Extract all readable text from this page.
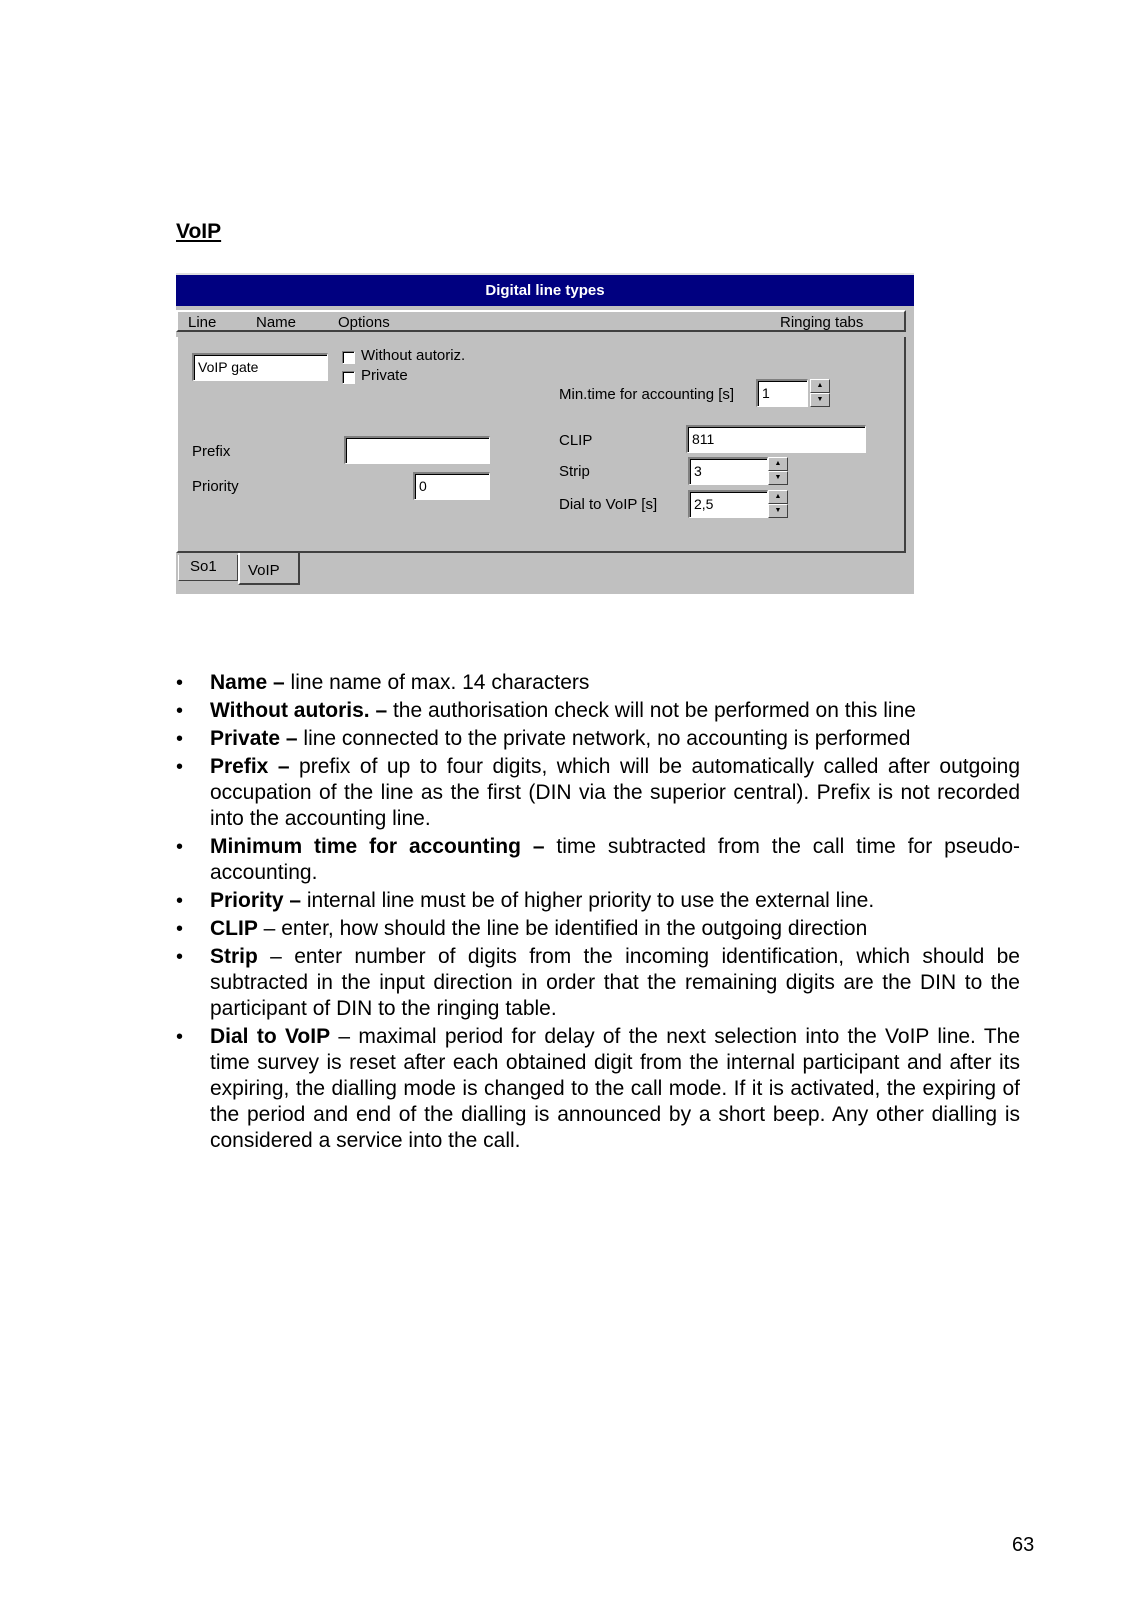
VoIP
Digital line types
Line	Name	Options	Ringing tabs
VoIP gate
Without autoriz.
Private
Min.time for accounting [s]	1	▲
▼
Prefix
Priority	0
CLIP	811
Strip	3	▲
▼
Dial to VoIP [s]	2,5	▲
▼
So1	VoIP
• Name – line name of max. 14 characters
• Without autoris. – the authorisation check will not be performed on this line
• Private – line connected to the private network, no accounting is performed
• Prefix – prefix of up to four digits, which will be automatically called after outgoing occupation of the line as the first (DIN via the superior central). Prefix is not recorded into the accounting line.
• Minimum time for accounting – time subtracted from the call time for pseudo-accounting.
• Priority – internal line must be of higher priority to use the external line.
• CLIP – enter, how should the line be identified in the outgoing direction
• Strip – enter number of digits from the incoming identification, which should be subtracted in the input direction in order that the remaining digits are the DIN to the participant of DIN to the ringing table.
• Dial to VoIP – maximal period for delay of the next selection into the VoIP line. The time survey is reset after each obtained digit from the internal participant and after its expiring, the dialling mode is changed to the call mode. If it is activated, the expiring of the period and end of the dialling is announced by a short beep. Any other dialling is considered a service into the call.
63
